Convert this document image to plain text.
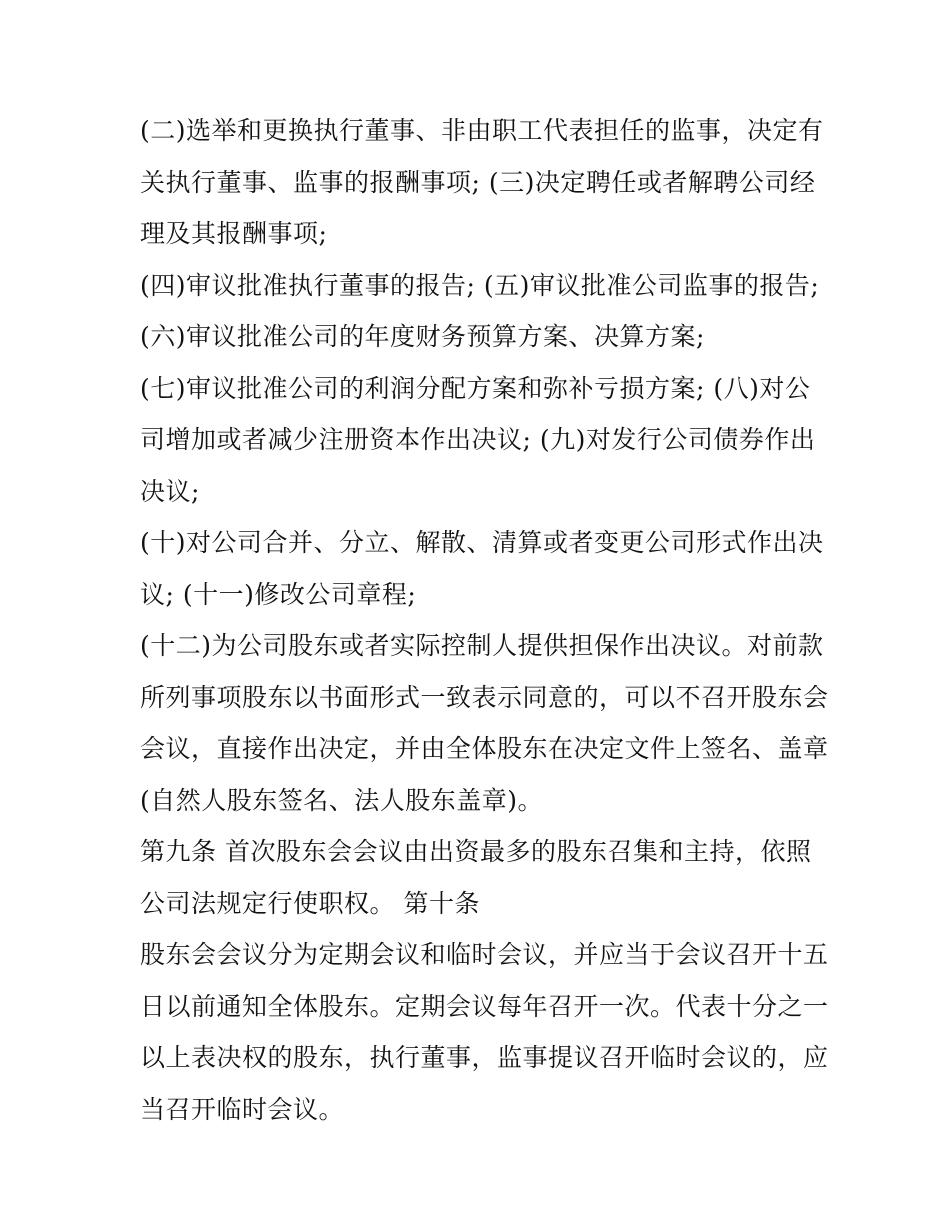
(二)选举和更换执行董事、非由职工代表担任的监事，决定有
关执行董事、监事的报酬事项; (三)决定聘任或者解聘公司经
理及其报酬事项;
(四)审议批准执行董事的报告; (五)审议批准公司监事的报告;
(六)审议批准公司的年度财务预算方案、决算方案;
(七)审议批准公司的利润分配方案和弥补亏损方案; (八)对公
司增加或者减少注册资本作出决议; (九)对发行公司债券作出
决议;
(十)对公司合并、分立、解散、清算或者变更公司形式作出决
议; (十一)修改公司章程;
(十二)为公司股东或者实际控制人提供担保作出决议。对前款
所列事项股东以书面形式一致表示同意的，可以不召开股东会
会议，直接作出决定，并由全体股东在决定文件上签名、盖章
(自然人股东签名、法人股东盖章)。
第九条 首次股东会会议由出资最多的股东召集和主持，依照
公司法规定行使职权。 第十条
股东会会议分为定期会议和临时会议，并应当于会议召开十五
日以前通知全体股东。定期会议每年召开一次。代表十分之一
以上表决权的股东，执行董事，监事提议召开临时会议的，应
当召开临时会议。
